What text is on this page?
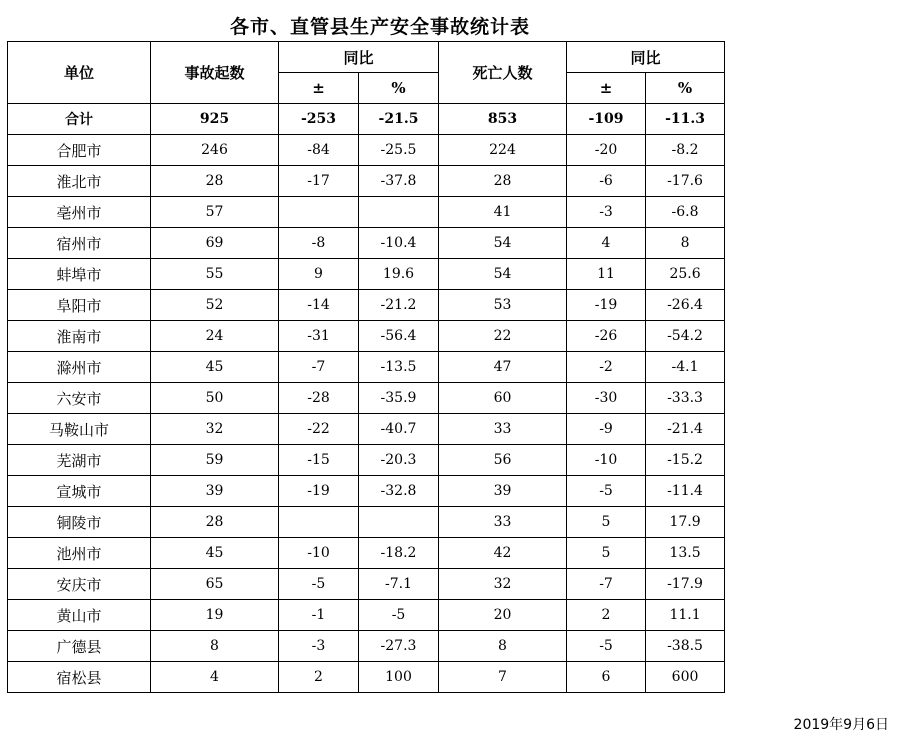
各市、直管县生产安全事故统计表
单位	事故起数	同比		死亡人数	同比	
		±	%		±	%
合计	925	-253	-21.5	853	-109	-11.3
合肥市	246	-84	-25.5	224	-20	-8.2
淮北市	28	-17	-37.8	28	-6	-17.6
亳州市	57			41	-3	-6.8
宿州市	69	-8	-10.4	54	4	8
蚌埠市	55	9	19.6	54	11	25.6
阜阳市	52	-14	-21.2	53	-19	-26.4
淮南市	24	-31	-56.4	22	-26	-54.2
滁州市	45	-7	-13.5	47	-2	-4.1
六安市	50	-28	-35.9	60	-30	-33.3
马鞍山市	32	-22	-40.7	33	-9	-21.4
芜湖市	59	-15	-20.3	56	-10	-15.2
宣城市	39	-19	-32.8	39	-5	-11.4
铜陵市	28			33	5	17.9
池州市	45	-10	-18.2	42	5	13.5
安庆市	65	-5	-7.1	32	-7	-17.9
黄山市	19	-1	-5	20	2	11.1
广德县	8	-3	-27.3	8	-5	-38.5
宿松县	4	2	100	7	6	600
2019年9月6日
